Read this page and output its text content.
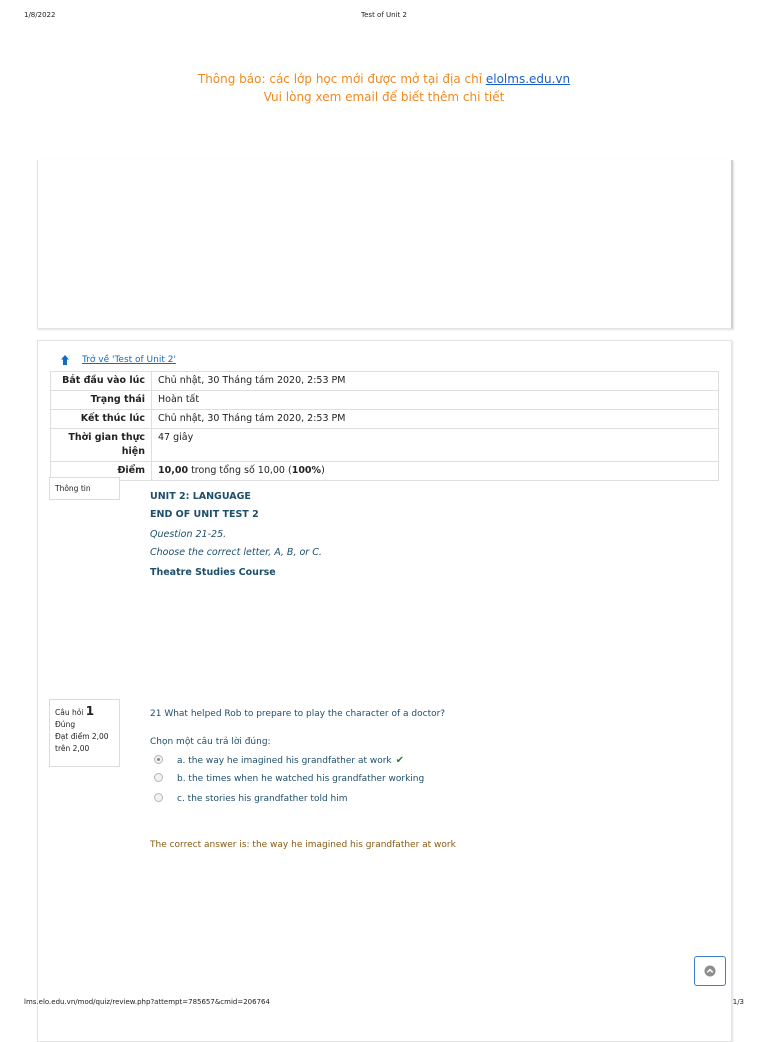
1/8/2022	Test of Unit 2
Thông báo: các lớp học mới được mở tại địa chỉ elolms.edu.vn
Vui lòng xem email để biết thêm chi tiết
Trở về 'Test of Unit 2'
Bắt đầu vào lúc	Chủ nhật, 30 Tháng tám 2020, 2:53 PM
Trạng thái	Hoàn tất
Kết thúc lúc	Chủ nhật, 30 Tháng tám 2020, 2:53 PM
Thời gian thực hiện	47 giây
Điểm	10,00 trong tổng số 10,00 (100%)
Thông tin
UNIT 2: LANGUAGE
END OF UNIT TEST 2
Question 21-25.
Choose the correct letter, A, B, or C.
Theatre Studies Course
Câu hỏi 1
Đúng
Đạt điểm 2,00 trên 2,00
21 What helped Rob to prepare to play the character of a doctor?
Chọn một câu trả lời đúng:
a. the way he imagined his grandfather at work ✔
b. the times when he watched his grandfather working
c. the stories his grandfather told him
The correct answer is: the way he imagined his grandfather at work
lms.elo.edu.vn/mod/quiz/review.php?attempt=785657&cmid=206764	1/3
